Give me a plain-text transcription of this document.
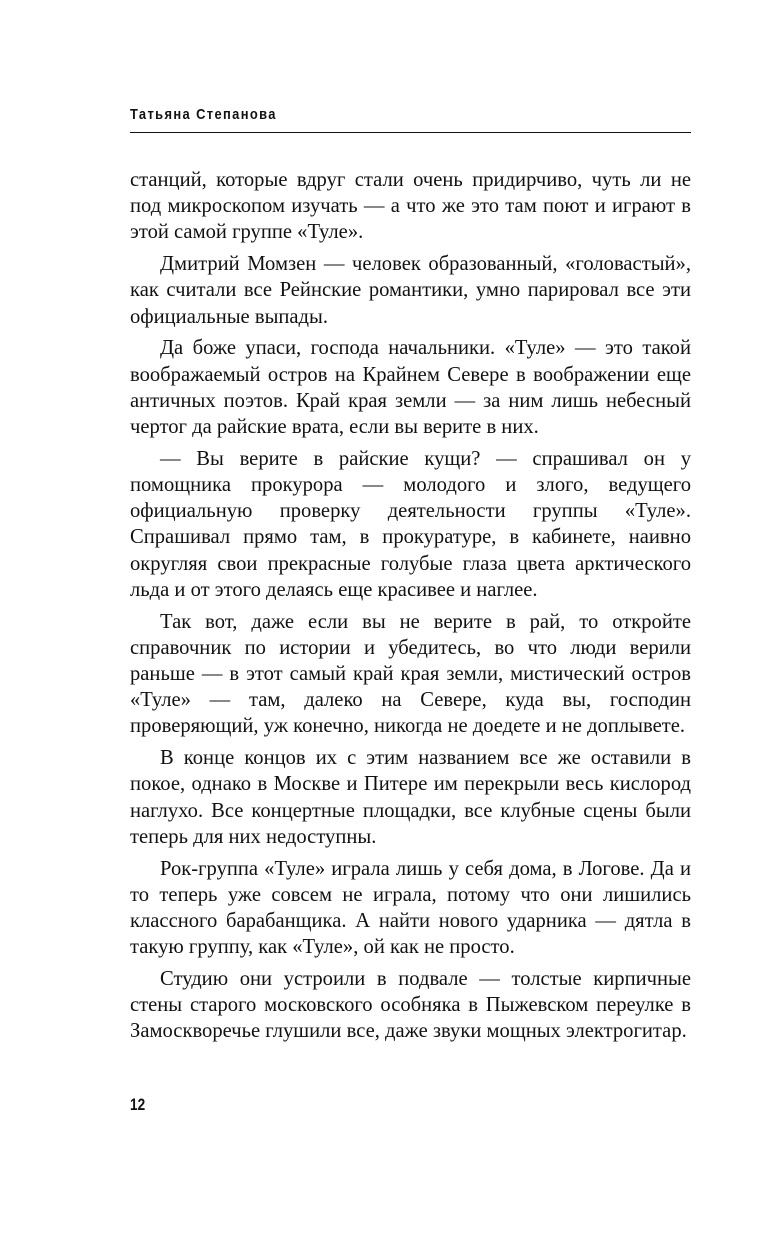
Татьяна Степанова

станций, которые вдруг стали очень придирчиво, чуть ли не под микроскопом изучать — а что же это там поют и играют в этой самой группе «Туле».

Дмитрий Момзен — человек образованный, «головастый», как считали все Рейнские романтики, умно парировал все эти официальные выпады.

Да боже упаси, господа начальники. «Туле» — это такой воображаемый остров на Крайнем Севере в воображении еще античных поэтов. Край края земли — за ним лишь небесный чертог да райские врата, если вы верите в них.

— Вы верите в райские кущи? — спрашивал он у помощника прокурора — молодого и злого, ведущего официальную проверку деятельности группы «Туле». Спрашивал прямо там, в прокуратуре, в кабинете, наивно округляя свои прекрасные голубые глаза цвета арктического льда и от этого делаясь еще красивее и наглее.

Так вот, даже если вы не верите в рай, то откройте справочник по истории и убедитесь, во что люди верили раньше — в этот самый край края земли, мистический остров «Туле» — там, далеко на Севере, куда вы, господин проверяющий, уж конечно, никогда не доедете и не доплывете.

В конце концов их с этим названием все же оставили в покое, однако в Москве и Питере им перекрыли весь кислород наглухо. Все концертные площадки, все клубные сцены были теперь для них недоступны.

Рок-группа «Туле» играла лишь у себя дома, в Логове. Да и то теперь уже совсем не играла, потому что они лишились классного барабанщика. А найти нового ударника — дятла в такую группу, как «Туле», ой как не просто.

Студию они устроили в подвале — толстые кирпичные стены старого московского особняка в Пыжевском переулке в Замоскворечье глушили все, даже звуки мощных электрогитар.

12
